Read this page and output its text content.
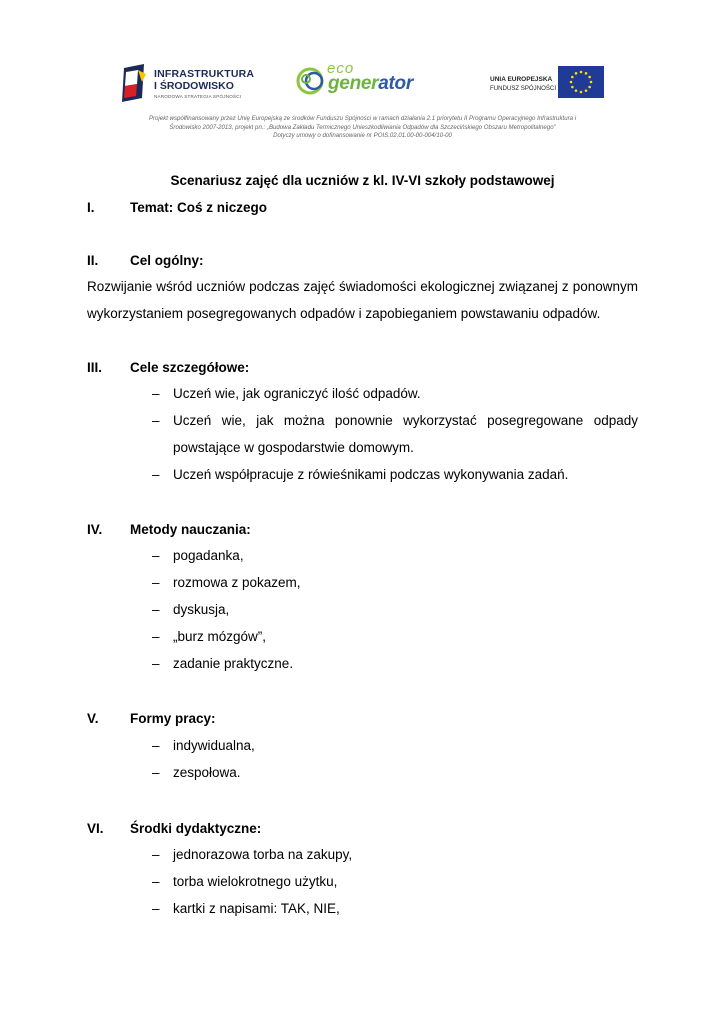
INFRASTRUKTURA
I ŚRODOWISKO
NARODOWA STRATEGIA SPÓJNOŚCI
eco
generator	UNIA EUROPEJSKA
FUNDUSZ SPÓJNOŚCI
Projekt współfinansowany przez Unię Europejską ze środków Funduszu Spójności w ramach działania 2.1 priorytetu II Programu Operacyjnego Infrastruktura i
Środowisko 2007-2013, projekt pn.: „Budowa Zakładu Termicznego Unieszkodliwiania Odpadów dla Szczecińskiego Obszaru Metropolitalnego”
Dotyczy umowy o dofinansowanie nr POIS.02.01.00-00-004/10-00
Scenariusz zajęć dla uczniów z kl. IV-VI szkoły podstawowej
I.	Temat: Coś z niczego
II. Cel ogólny:
Rozwijanie wśród uczniów podczas zajęć świadomości ekologicznej związanej z ponownym wykorzystaniem posegregowanych odpadów i zapobieganiem powstawaniu odpadów.
III. Cele szczegółowe:
– Uczeń wie, jak ograniczyć ilość odpadów.
– Uczeń wie, jak można ponownie wykorzystać posegregowane odpady powstające w gospodarstwie domowym.
– Uczeń współpracuje z rówieśnikami podczas wykonywania zadań.
IV. Metody nauczania:
– pogadanka,
– rozmowa z pokazem,
– dyskusja,
– „burz mózgów”,
– zadanie praktyczne.
V. Formy pracy:
– indywidualna,
– zespołowa.
VI. Środki dydaktyczne:
– jednorazowa torba na zakupy,
– torba wielokrotnego użytku,
– kartki z napisami: TAK, NIE,
